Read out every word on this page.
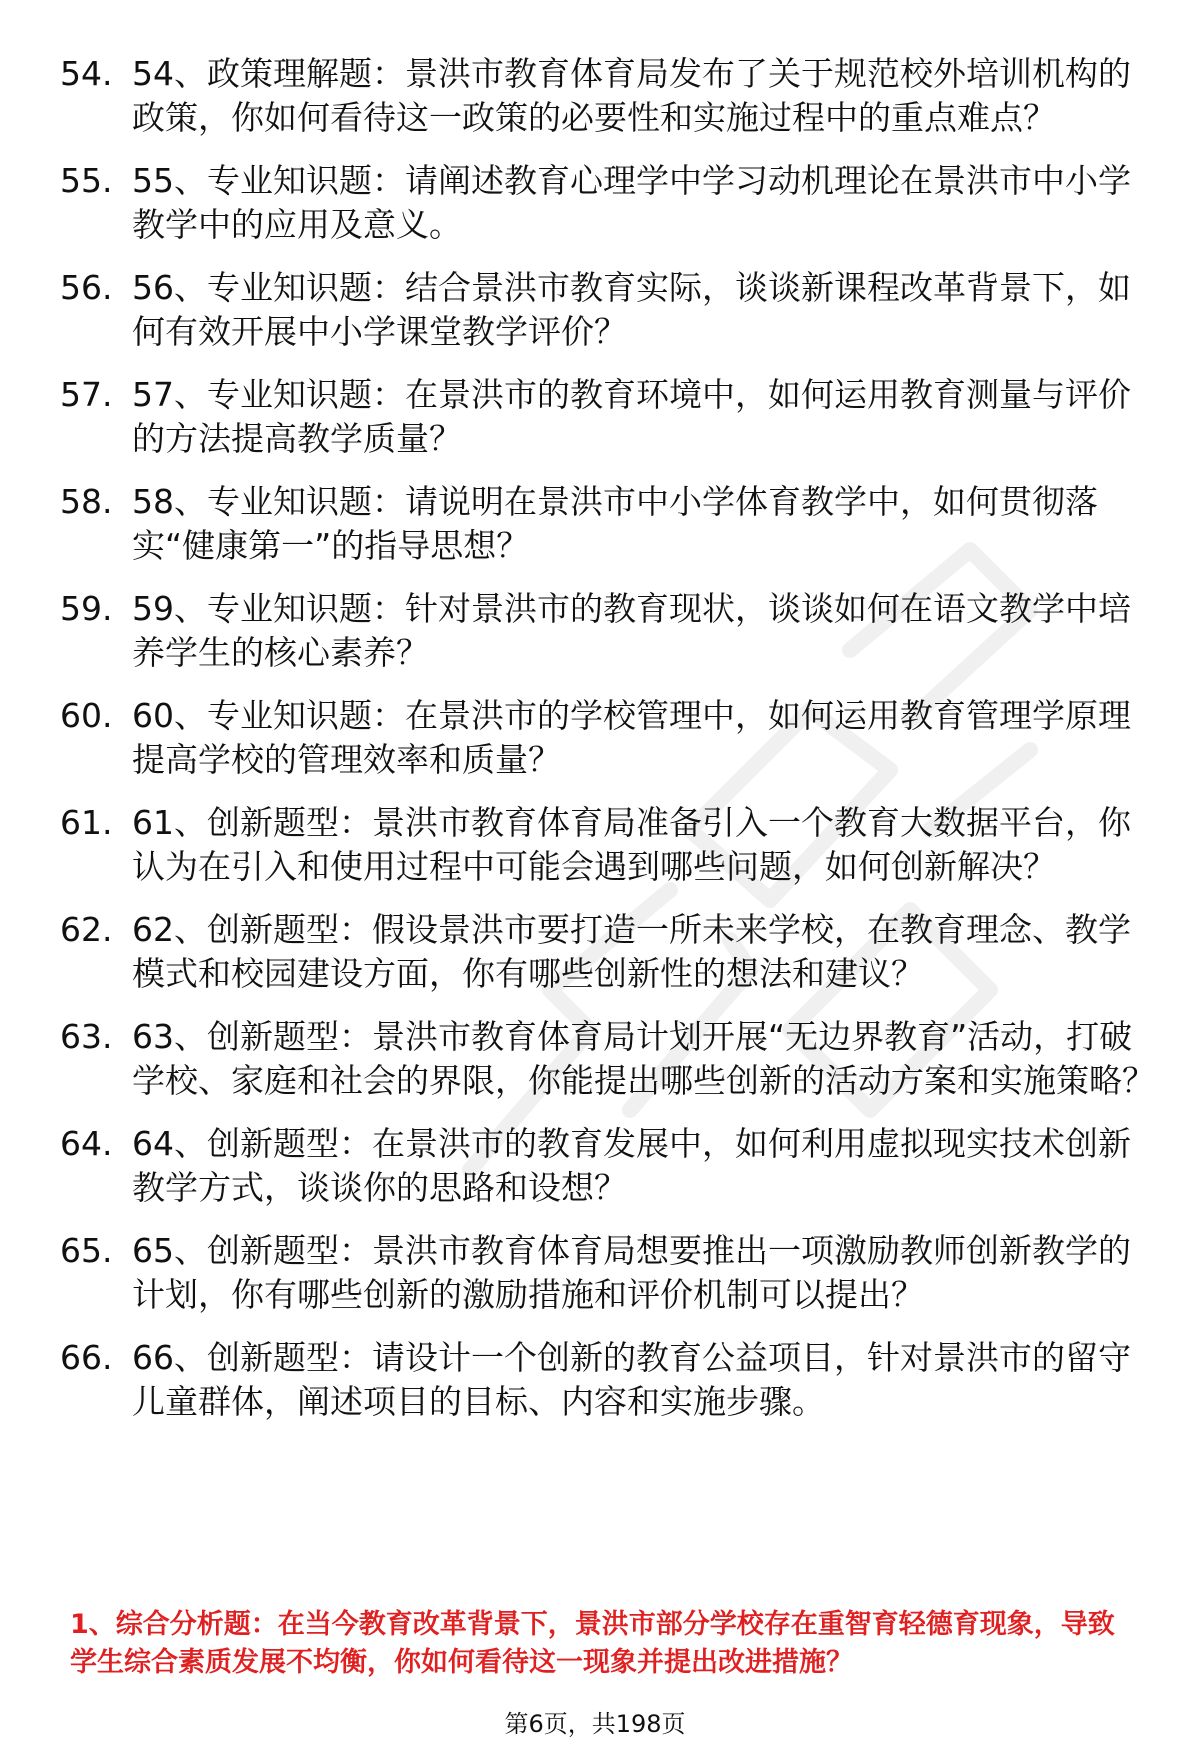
54. 54、政策理解题：景洪市教育体育局发布了关于规范校外培训机构的政策，你如何看待这一政策的必要性和实施过程中的重点难点？
55. 55、专业知识题：请阐述教育心理学中学习动机理论在景洪市中小学教学中的应用及意义。
56. 56、专业知识题：结合景洪市教育实际，谈谈新课程改革背景下，如何有效开展中小学课堂教学评价？
57. 57、专业知识题：在景洪市的教育环境中，如何运用教育测量与评价的方法提高教学质量？
58. 58、专业知识题：请说明在景洪市中小学体育教学中，如何贯彻落实“健康第一”的指导思想？
59. 59、专业知识题：针对景洪市的教育现状，谈谈如何在语文教学中培养学生的核心素养？
60. 60、专业知识题：在景洪市的学校管理中，如何运用教育管理学原理提高学校的管理效率和质量？
61. 61、创新题型：景洪市教育体育局准备引入一个教育大数据平台，你认为在引入和使用过程中可能会遇到哪些问题，如何创新解决？
62. 62、创新题型：假设景洪市要打造一所未来学校，在教育理念、教学模式和校园建设方面，你有哪些创新性的想法和建议？
63. 63、创新题型：景洪市教育体育局计划开展“无边界教育”活动，打破学校、家庭和社会的界限，你能提出哪些创新的活动方案和实施策略？
64. 64、创新题型：在景洪市的教育发展中，如何利用虚拟现实技术创新教学方式，谈谈你的思路和设想？
65. 65、创新题型：景洪市教育体育局想要推出一项激励教师创新教学的计划，你有哪些创新的激励措施和评价机制可以提出？
66. 66、创新题型：请设计一个创新的教育公益项目，针对景洪市的留守儿童群体，阐述项目的目标、内容和实施步骤。

1、综合分析题：在当今教育改革背景下，景洪市部分学校存在重智育轻德育现象，导致学生综合素质发展不均衡，你如何看待这一现象并提出改进措施？

第6页，共198页
